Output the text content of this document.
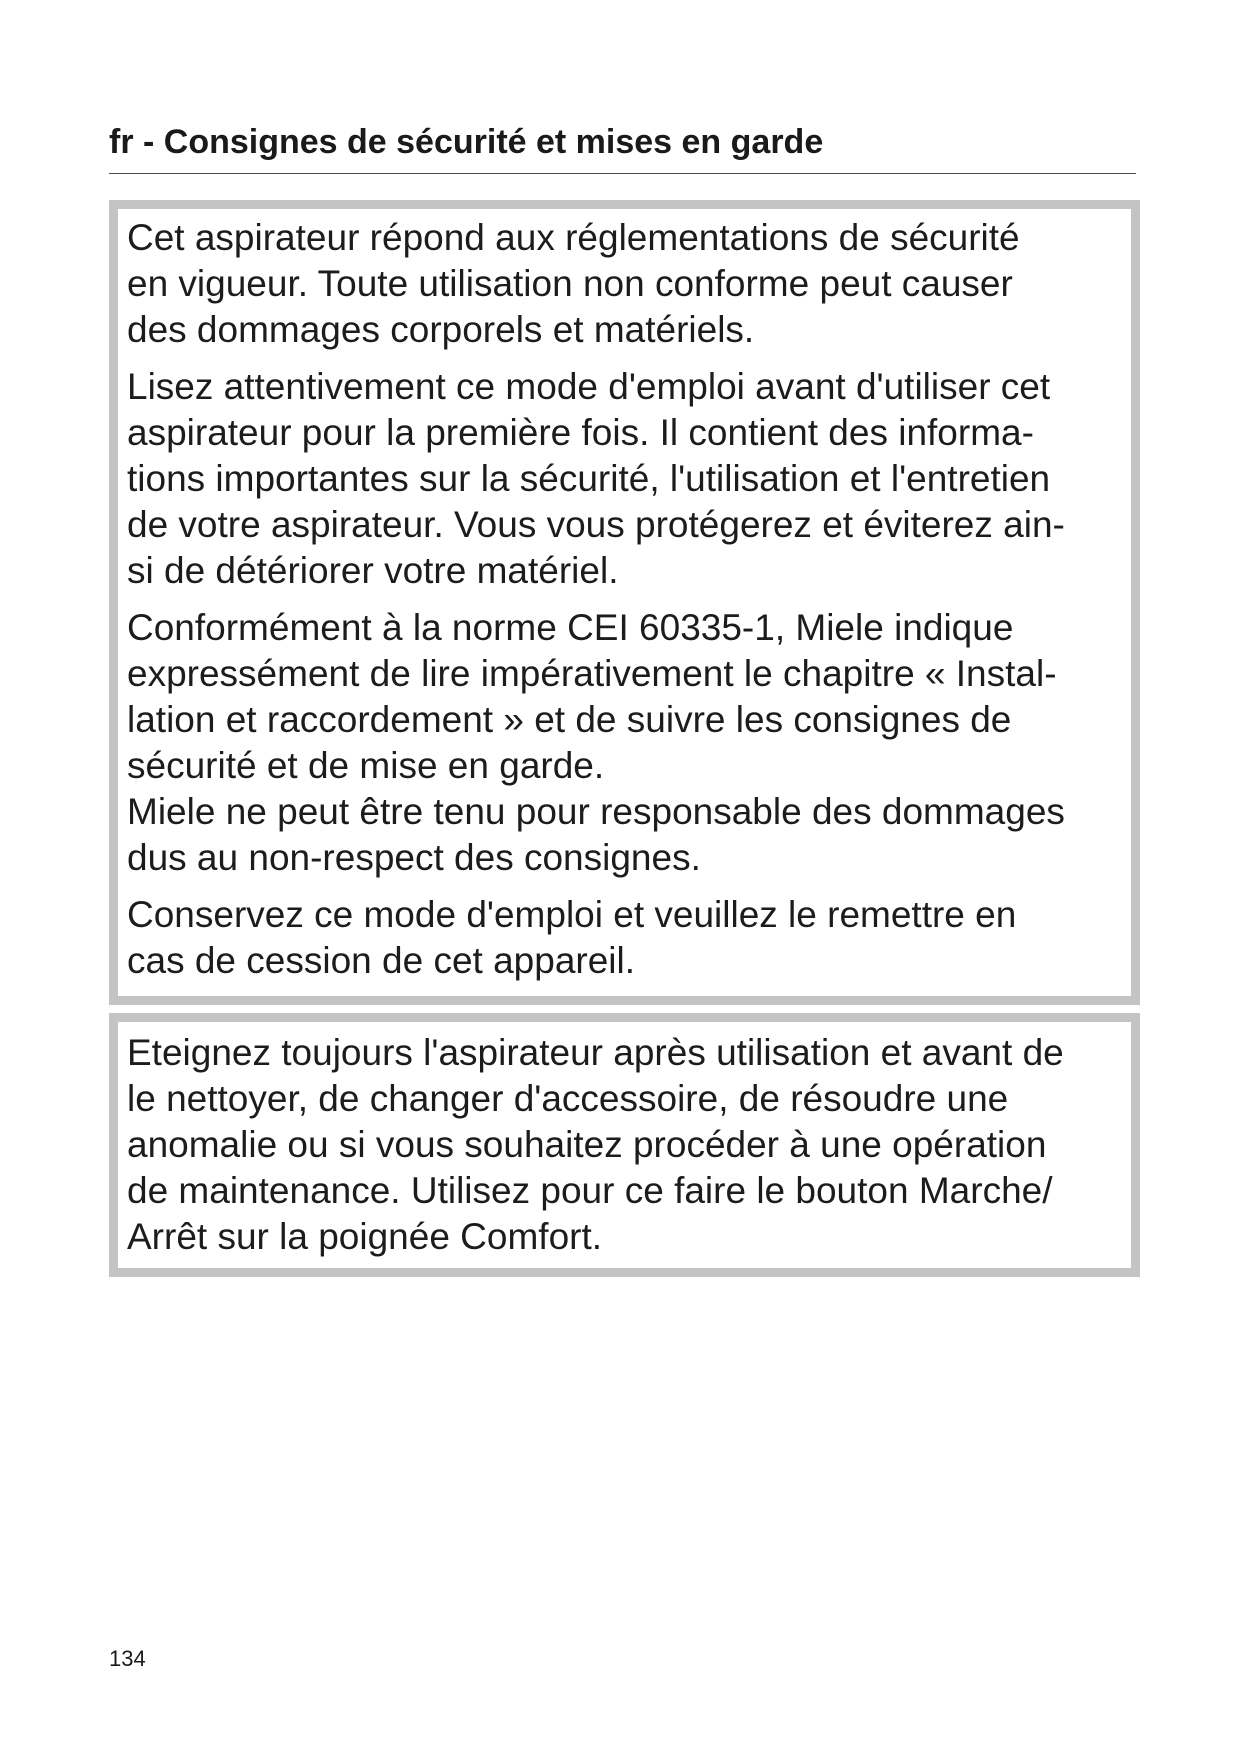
fr - Consignes de sécurité et mises en garde
Cet aspirateur répond aux réglementations de sécurité
en vigueur. Toute utilisation non conforme peut causer
des dommages corporels et matériels.
Lisez attentivement ce mode d'emploi avant d'utiliser cet
aspirateur pour la première fois. Il contient des informa-
tions importantes sur la sécurité, l'utilisation et l'entretien
de votre aspirateur. Vous vous protégerez et éviterez ain-
si de détériorer votre matériel.
Conformément à la norme CEI 60335-1, Miele indique
expressément de lire impérativement le chapitre « Instal-
lation et raccordement » et de suivre les consignes de
sécurité et de mise en garde.
Miele ne peut être tenu pour responsable des dommages
dus au non-respect des consignes.
Conservez ce mode d'emploi et veuillez le remettre en
cas de cession de cet appareil.
Eteignez toujours l'aspirateur après utilisation et avant de
le nettoyer, de changer d'accessoire, de résoudre une
anomalie ou si vous souhaitez procéder à une opération
de maintenance. Utilisez pour ce faire le bouton Marche/
Arrêt sur la poignée Comfort.
134
